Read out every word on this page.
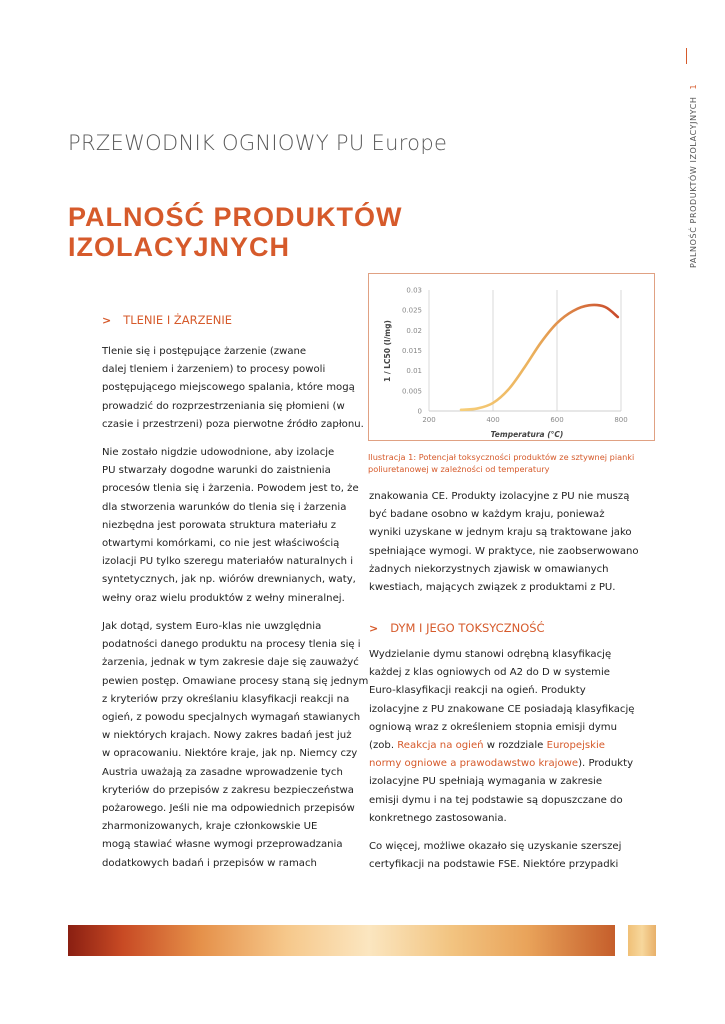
PALNOŚĆ PRODUKTÓW IZOLACYJNYCH1
PRZEWODNIK OGNIOWY PU Europe
PALNOŚĆ PRODUKTÓW
IZOLACYJNYCH
200	400	600	800
0
0.005
0.01
0.015
0.02
0.025
0.03
Temperatura (°C)
1 / LC50 (l/mg)
Ilustracja 1: Potencjał toksyczności produktów ze sztywnej pianki poliuretanowej w zależności od temperatury
> TLENIE I ŻARZENIE
Tlenie się i postępujące żarzenie (zwane
dalej tleniem i żarzeniem) to procesy powoli
postępującego miejscowego spalania, które mogą
prowadzić do rozprzestrzeniania się płomieni (w
czasie i przestrzeni) poza pierwotne źródło zapłonu.
Nie zostało nigdzie udowodnione, aby izolacje
PU stwarzały dogodne warunki do zaistnienia
procesów tlenia się i żarzenia. Powodem jest to, że
dla stworzenia warunków do tlenia się i żarzenia
niezbędna jest porowata struktura materiału z
otwartymi komórkami, co nie jest właściwością
izolacji PU tylko szeregu materiałów naturalnych i
syntetycznych, jak np. wiórów drewnianych, waty,
wełny oraz wielu produktów z wełny mineralnej.
Jak dotąd, system Euro-klas nie uwzględnia
podatności danego produktu na procesy tlenia się i
żarzenia, jednak w tym zakresie daje się zauważyć
pewien postęp. Omawiane procesy staną się jednym
z kryteriów przy określaniu klasyfikacji reakcji na
ogień, z powodu specjalnych wymagań stawianych
w niektórych krajach. Nowy zakres badań jest już
w opracowaniu. Niektóre kraje, jak np. Niemcy czy
Austria uważają za zasadne wprowadzenie tych
kryteriów do przepisów z zakresu bezpieczeństwa
pożarowego. Jeśli nie ma odpowiednich przepisów
zharmonizowanych, kraje członkowskie UE
mogą stawiać własne wymogi przeprowadzania
dodatkowych badań i przepisów w ramach
znakowania CE. Produkty izolacyjne z PU nie muszą
być badane osobno w każdym kraju, ponieważ
wyniki uzyskane w jednym kraju są traktowane jako
spełniające wymogi. W praktyce, nie zaobserwowano
żadnych niekorzystnych zjawisk w omawianych
kwestiach, mających związek z produktami z PU.
> DYM I JEGO TOKSYCZNOŚĆ
Wydzielanie dymu stanowi odrębną klasyfikację
każdej z klas ogniowych od A2 do D w systemie
Euro-klasyfikacji reakcji na ogień. Produkty
izolacyjne z PU znakowane CE posiadają klasyfikację
ogniową wraz z określeniem stopnia emisji dymu
(zob. Reakcja na ogień w rozdziale Europejskie
normy ogniowe a prawodawstwo krajowe). Produkty
izolacyjne PU spełniają wymagania w zakresie
emisji dymu i na tej podstawie są dopuszczane do
konkretnego zastosowania.
Co więcej, możliwe okazało się uzyskanie szerszej
certyfikacji na podstawie FSE. Niektóre przypadki
